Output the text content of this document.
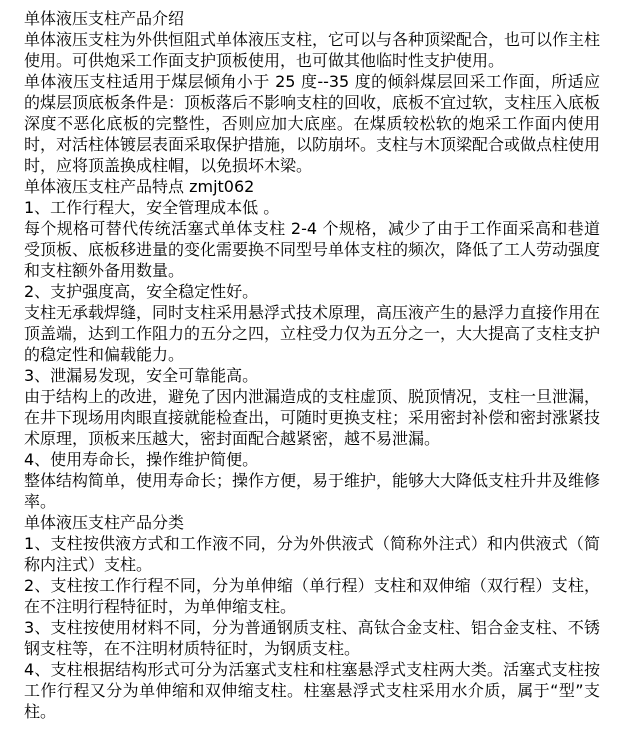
单体液压支柱产品介绍

单体液压支柱为外供恒阻式单体液压支柱，它可以与各种顶梁配合，也可以作主柱使用。可供炮采工作面支护顶板使用，也可做其他临时性支护使用。

单体液压支柱适用于煤层倾角小于 25 度--35 度的倾斜煤层回采工作面，所适应的煤层顶底板条件是：顶板落后不影响支柱的回收，底板不宜过软，支柱压入底板深度不恶化底板的完整性，否则应加大底座。在煤质较松软的炮采工作面内使用时，对活柱体镀层表面采取保护措施，以防崩坏。支柱与木顶梁配合或做点柱使用时，应将顶盖换成柱帽，以免损坏木梁。

单体液压支柱产品特点 zmjt062

1、工作行程大，安全管理成本低 。

每个规格可替代传统活塞式单体支柱 2-4 个规格，减少了由于工作面采高和巷道受顶板、底板移进量的变化需要换不同型号单体支柱的频次，降低了工人劳动强度和支柱额外备用数量。

2、支护强度高，安全稳定性好。

支柱无承载焊缝，同时支柱采用悬浮式技术原理，高压液产生的悬浮力直接作用在顶盖端，达到工作阻力的五分之四，立柱受力仅为五分之一，大大提高了支柱支护的稳定性和偏载能力。

3、泄漏易发现，安全可靠能高。

由于结构上的改进，避免了因内泄漏造成的支柱虚顶、脱顶情况，支柱一旦泄漏，在井下现场用肉眼直接就能检查出，可随时更换支柱；采用密封补偿和密封涨紧技术原理，顶板来压越大，密封面配合越紧密，越不易泄漏。

4、使用寿命长，操作维护简便。

整体结构简单，使用寿命长；操作方便，易于维护，能够大大降低支柱升井及维修率。

单体液压支柱产品分类

1、支柱按供液方式和工作液不同，分为外供液式（简称外注式）和内供液式（简称内注式）支柱。

2、支柱按工作行程不同，分为单伸缩（单行程）支柱和双伸缩（双行程）支柱，在不注明行程特征时，为单伸缩支柱。

3、支柱按使用材料不同，分为普通钢质支柱、高钛合金支柱、铝合金支柱、不锈钢支柱等，在不注明材质特征时，为钢质支柱。

4、支柱根据结构形式可分为活塞式支柱和柱塞悬浮式支柱两大类。活塞式支柱按工作行程又分为单伸缩和双伸缩支柱。柱塞悬浮式支柱采用水介质，属于“型”支柱。
